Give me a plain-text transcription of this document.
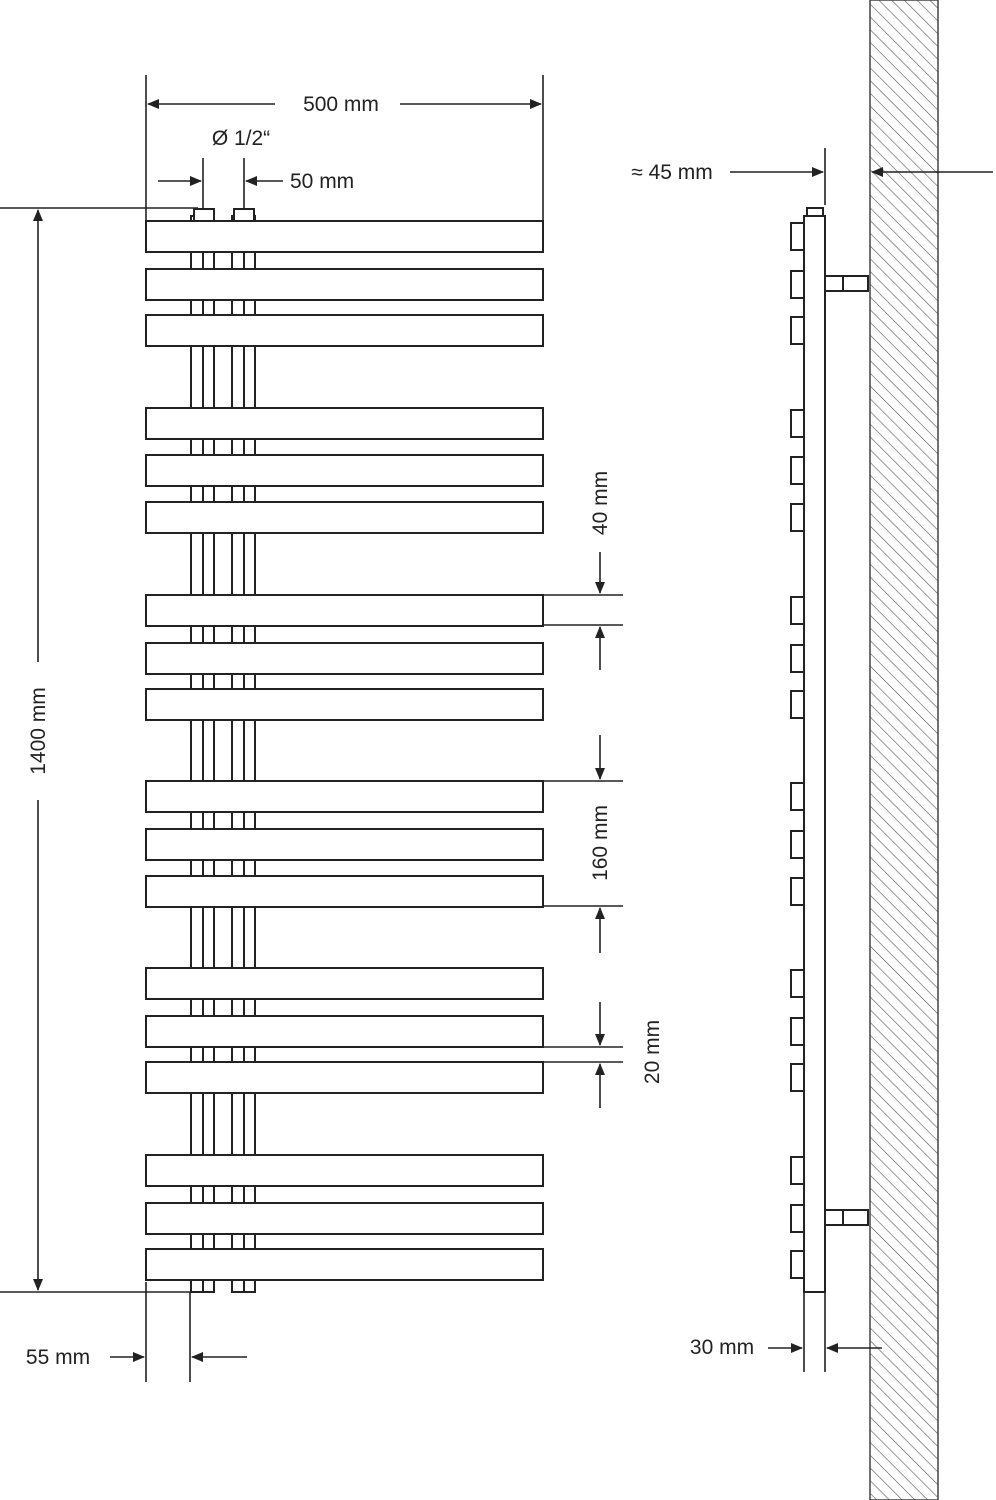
500 mm
Ø 1/2“
50 mm
1400 mm
55 mm
40 mm
160 mm
20 mm
≈ 45 mm
30 mm
